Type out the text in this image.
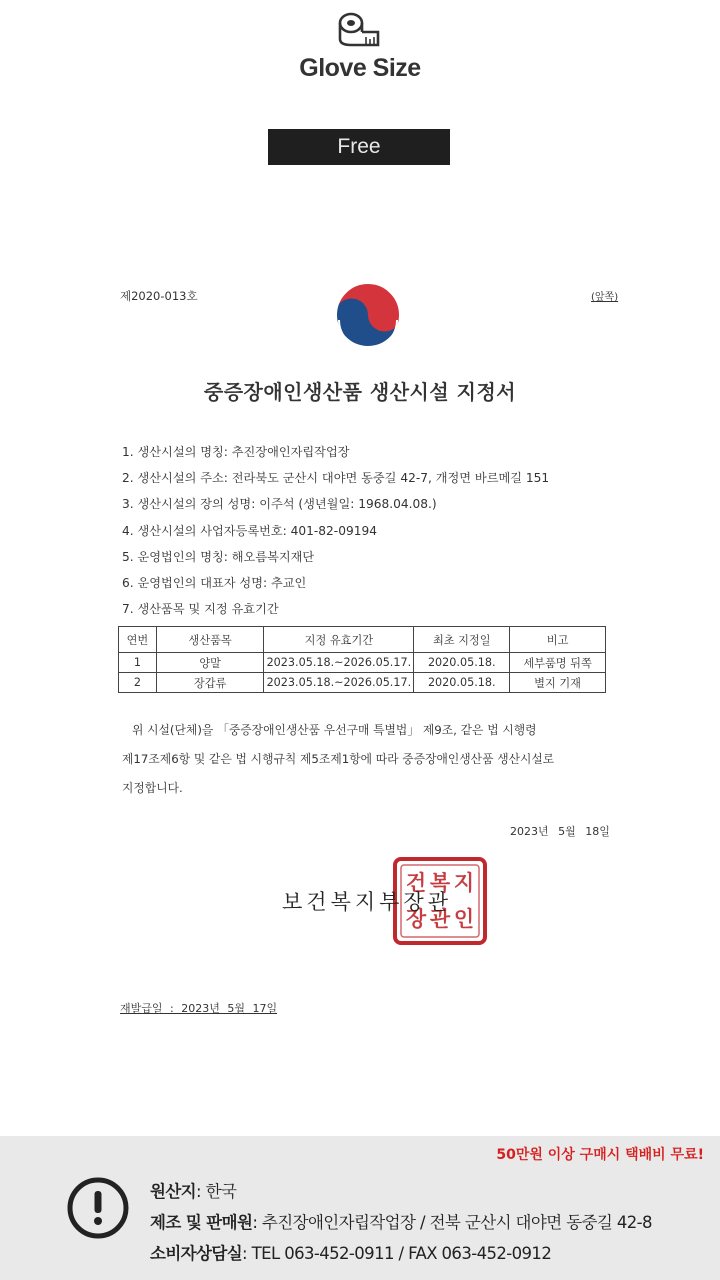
Glove Size
Free
제2020-013호	(앞쪽)
중증장애인생산품 생산시설 지정서
1. 생산시설의 명칭: 추진장애인자립작업장
2. 생산시설의 주소: 전라북도 군산시 대야면 동중길 42-7, 개정면 바르메길 151
3. 생산시설의 장의 성명: 이주석 (생년월일: 1968.04.08.)
4. 생산시설의 사업자등록번호: 401-82-09194
5. 운영법인의 명칭: 해오름복지재단
6. 운영법인의 대표자 성명: 추교인
7. 생산품목 및 지정 유효기간
연번	생산품목	지정 유효기간	최초 지정일	비고
1	양말	2023.05.18.~2026.05.17.	2020.05.18.	세부품명 뒤쪽
2	장갑류	2023.05.18.~2026.05.17.	2020.05.18.	별지 기재
위 시설(단체)을 「중증장애인생산품 우선구매 특별법」 제9조, 같은 법 시행령
제17조제6항 및 같은 법 시행규칙 제5조제1항에 따라 중증장애인생산품 생산시설로
지정합니다.
2023년 5월 18일
지
인
복
관
건
장
보건복지부장관
재발급일 : 2023년 5월 17일
50만원 이상 구매시 택배비 무료!
원산지: 한국
제조 및 판매원: 추진장애인자립작업장 / 전북 군산시 대야면 동중길 42-8
소비자상담실: TEL 063-452-0911 / FAX 063-452-0912
